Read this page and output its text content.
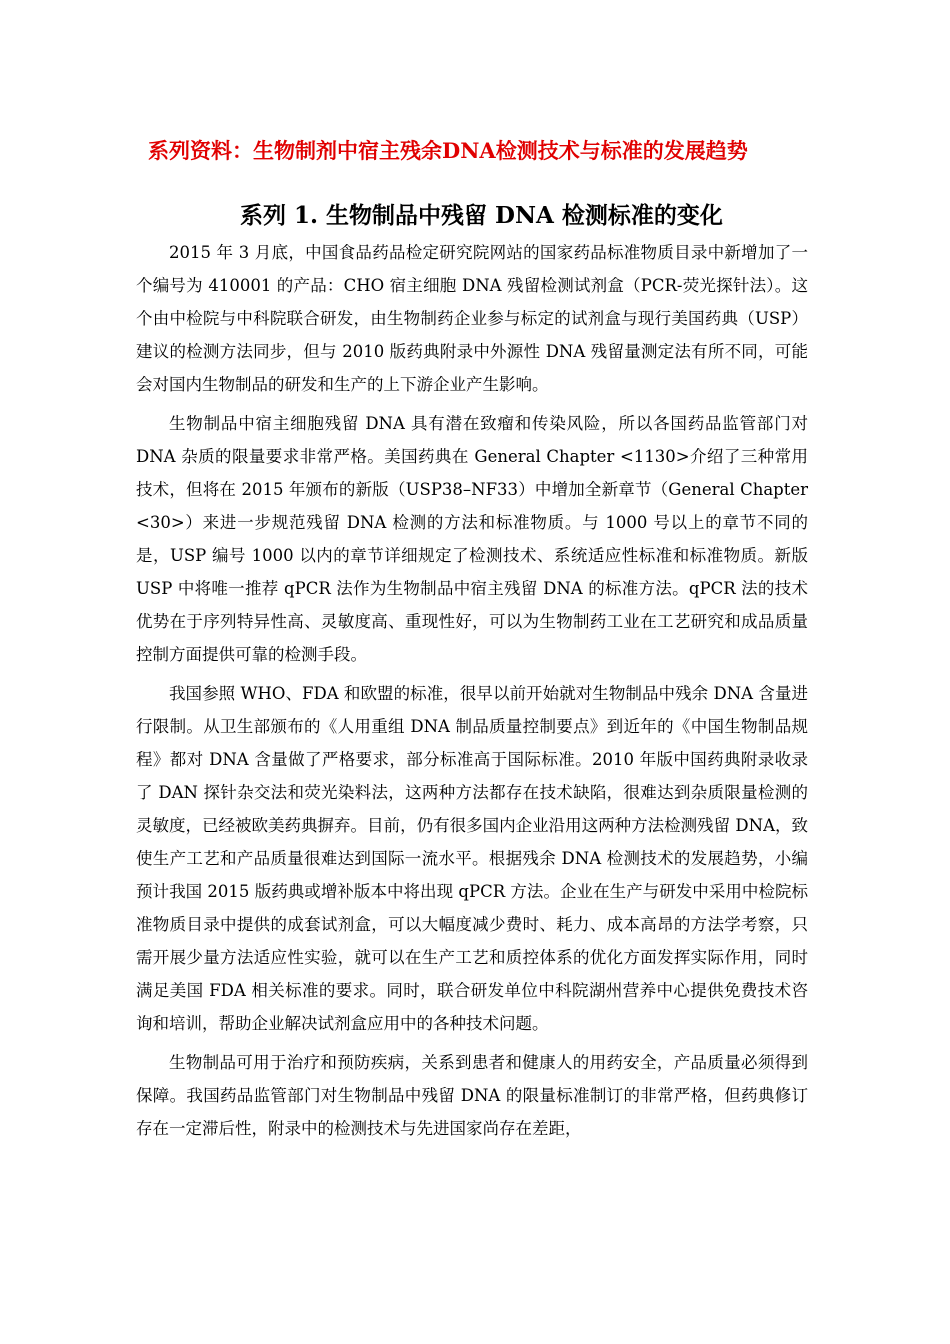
系列资料：生物制剂中宿主残余DNA检测技术与标准的发展趋势
系列 1. 生物制品中残留 DNA 检测标准的变化

2015 年 3 月底，中国食品药品检定研究院网站的国家药品标准物质目录中新增加了一个编号为 410001 的产品：CHO 宿主细胞 DNA 残留检测试剂盒（PCR-荧光探针法）。这个由中检院与中科院联合研发，由生物制药企业参与标定的试剂盒与现行美国药典（USP）建议的检测方法同步，但与 2010 版药典附录中外源性 DNA 残留量测定法有所不同，可能会对国内生物制品的研发和生产的上下游企业产生影响。

生物制品中宿主细胞残留 DNA 具有潜在致瘤和传染风险，所以各国药品监管部门对 DNA 杂质的限量要求非常严格。美国药典在 General Chapter <1130>介绍了三种常用技术，但将在 2015 年颁布的新版（USP38–NF33）中增加全新章节（General Chapter <30>）来进一步规范残留 DNA 检测的方法和标准物质。与 1000 号以上的章节不同的是，USP 编号 1000 以内的章节详细规定了检测技术、系统适应性标准和标准物质。新版 USP 中将唯一推荐 qPCR 法作为生物制品中宿主残留 DNA 的标准方法。qPCR 法的技术优势在于序列特异性高、灵敏度高、重现性好，可以为生物制药工业在工艺研究和成品质量控制方面提供可靠的检测手段。

我国参照 WHO、FDA 和欧盟的标准，很早以前开始就对生物制品中残余 DNA 含量进行限制。从卫生部颁布的《人用重组 DNA 制品质量控制要点》到近年的《中国生物制品规程》都对 DNA 含量做了严格要求，部分标准高于国际标准。2010 年版中国药典附录收录了 DAN 探针杂交法和荧光染料法，这两种方法都存在技术缺陷，很难达到杂质限量检测的灵敏度，已经被欧美药典摒弃。目前，仍有很多国内企业沿用这两种方法检测残留 DNA，致使生产工艺和产品质量很难达到国际一流水平。根据残余 DNA 检测技术的发展趋势，小编预计我国 2015 版药典或增补版本中将出现 qPCR 方法。企业在生产与研发中采用中检院标准物质目录中提供的成套试剂盒，可以大幅度减少费时、耗力、成本高昂的方法学考察，只需开展少量方法适应性实验，就可以在生产工艺和质控体系的优化方面发挥实际作用，同时满足美国 FDA 相关标准的要求。同时，联合研发单位中科院湖州营养中心提供免费技术咨询和培训，帮助企业解决试剂盒应用中的各种技术问题。

生物制品可用于治疗和预防疾病，关系到患者和健康人的用药安全，产品质量必须得到保障。我国药品监管部门对生物制品中残留 DNA 的限量标准制订的非常严格，但药典修订存在一定滞后性，附录中的检测技术与先进国家尚存在差距，
